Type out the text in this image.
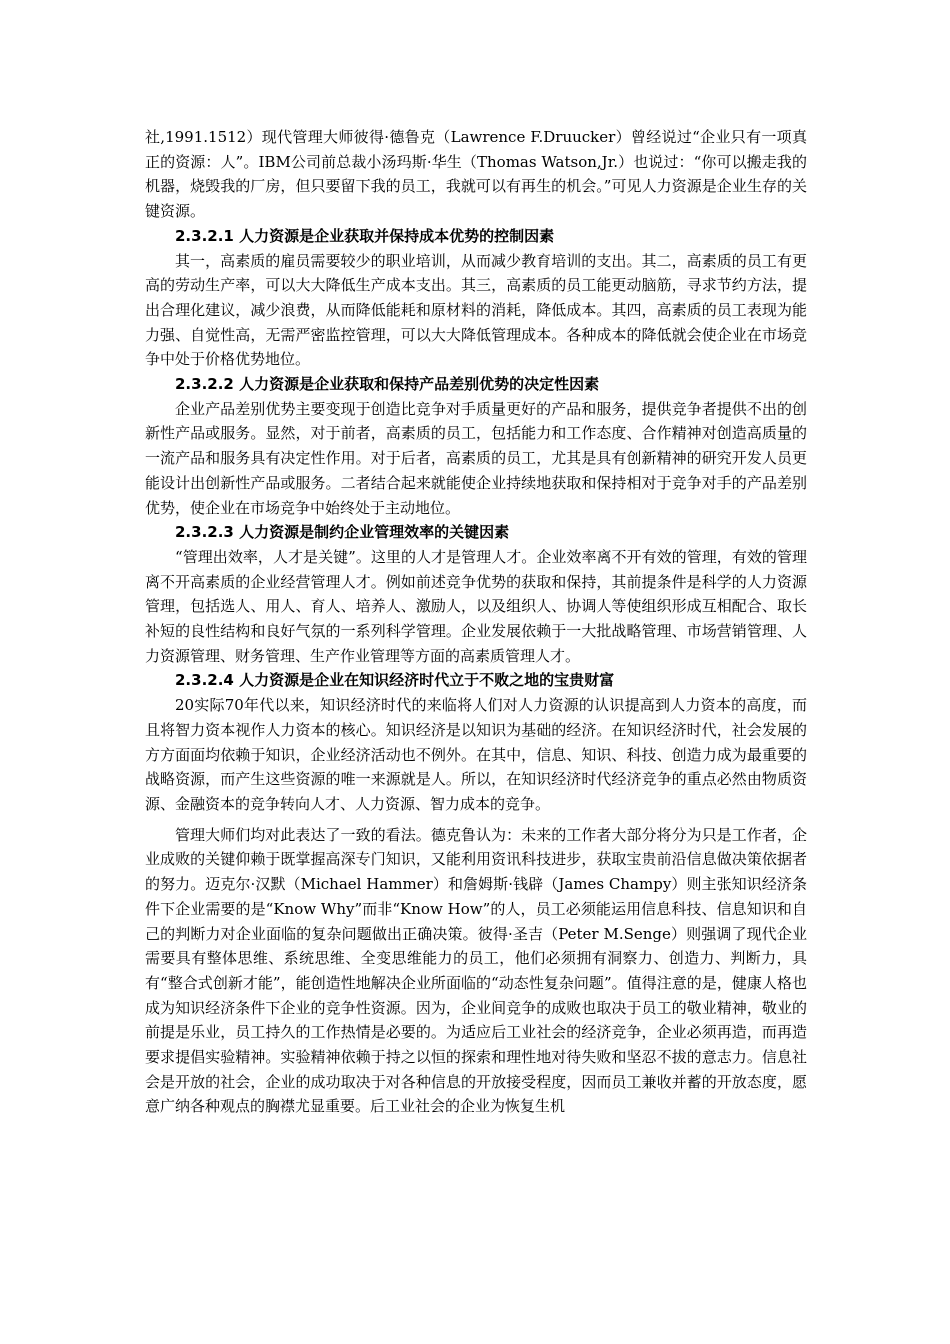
社,1991.1512）现代管理大师彼得·德鲁克（Lawrence F.Druucker）曾经说过“企业只有一项真正的资源：人”。IBM公司前总裁小汤玛斯·华生（Thomas Watson,Jr.）也说过：“你可以搬走我的机器，烧毁我的厂房，但只要留下我的员工，我就可以有再生的机会。”可见人力资源是企业生存的关键资源。

2.3.2.1 人力资源是企业获取并保持成本优势的控制因素

其一，高素质的雇员需要较少的职业培训，从而减少教育培训的支出。其二，高素质的员工有更高的劳动生产率，可以大大降低生产成本支出。其三，高素质的员工能更动脑筋，寻求节约方法，提出合理化建议，减少浪费，从而降低能耗和原材料的消耗，降低成本。其四，高素质的员工表现为能力强、自觉性高，无需严密监控管理，可以大大降低管理成本。各种成本的降低就会使企业在市场竞争中处于价格优势地位。

2.3.2.2 人力资源是企业获取和保持产品差别优势的决定性因素

企业产品差别优势主要变现于创造比竞争对手质量更好的产品和服务，提供竞争者提供不出的创新性产品或服务。显然，对于前者，高素质的员工，包括能力和工作态度、合作精神对创造高质量的一流产品和服务具有决定性作用。对于后者，高素质的员工，尤其是具有创新精神的研究开发人员更能设计出创新性产品或服务。二者结合起来就能使企业持续地获取和保持相对于竞争对手的产品差别优势，使企业在市场竞争中始终处于主动地位。

2.3.2.3 人力资源是制约企业管理效率的关键因素

“管理出效率，人才是关键”。这里的人才是管理人才。企业效率离不开有效的管理，有效的管理离不开高素质的企业经营管理人才。例如前述竞争优势的获取和保持，其前提条件是科学的人力资源管理，包括选人、用人、育人、培养人、激励人，以及组织人、协调人等使组织形成互相配合、取长补短的良性结构和良好气氛的一系列科学管理。企业发展依赖于一大批战略管理、市场营销管理、人力资源管理、财务管理、生产作业管理等方面的高素质管理人才。

2.3.2.4 人力资源是企业在知识经济时代立于不败之地的宝贵财富

20实际70年代以来，知识经济时代的来临将人们对人力资源的认识提高到人力资本的高度，而且将智力资本视作人力资本的核心。知识经济是以知识为基础的经济。在知识经济时代，社会发展的方方面面均依赖于知识，企业经济活动也不例外。在其中，信息、知识、科技、创造力成为最重要的战略资源，而产生这些资源的唯一来源就是人。所以，在知识经济时代经济竞争的重点必然由物质资源、金融资本的竞争转向人才、人力资源、智力成本的竞争。

管理大师们均对此表达了一致的看法。德克鲁认为：未来的工作者大部分将分为只是工作者，企业成败的关键仰赖于既掌握高深专门知识，又能利用资讯科技进步，获取宝贵前沿信息做决策依据者的努力。迈克尔·汉默（Michael Hammer）和詹姆斯·钱辟（James Champy）则主张知识经济条件下企业需要的是“Know Why”而非“Know How”的人，员工必须能运用信息科技、信息知识和自己的判断力对企业面临的复杂问题做出正确决策。彼得·圣吉（Peter M.Senge）则强调了现代企业需要具有整体思维、系统思维、全变思维能力的员工，他们必须拥有洞察力、创造力、判断力，具有“整合式创新才能”，能创造性地解决企业所面临的“动态性复杂问题”。值得注意的是，健康人格也成为知识经济条件下企业的竞争性资源。因为，企业间竞争的成败也取决于员工的敬业精神，敬业的前提是乐业，员工持久的工作热情是必要的。为适应后工业社会的经济竞争，企业必须再造，而再造要求提倡实验精神。实验精神依赖于持之以恒的探索和理性地对待失败和坚忍不拔的意志力。信息社会是开放的社会，企业的成功取决于对各种信息的开放接受程度，因而员工兼收并蓄的开放态度，愿意广纳各种观点的胸襟尤显重要。后工业社会的企业为恢复生机
